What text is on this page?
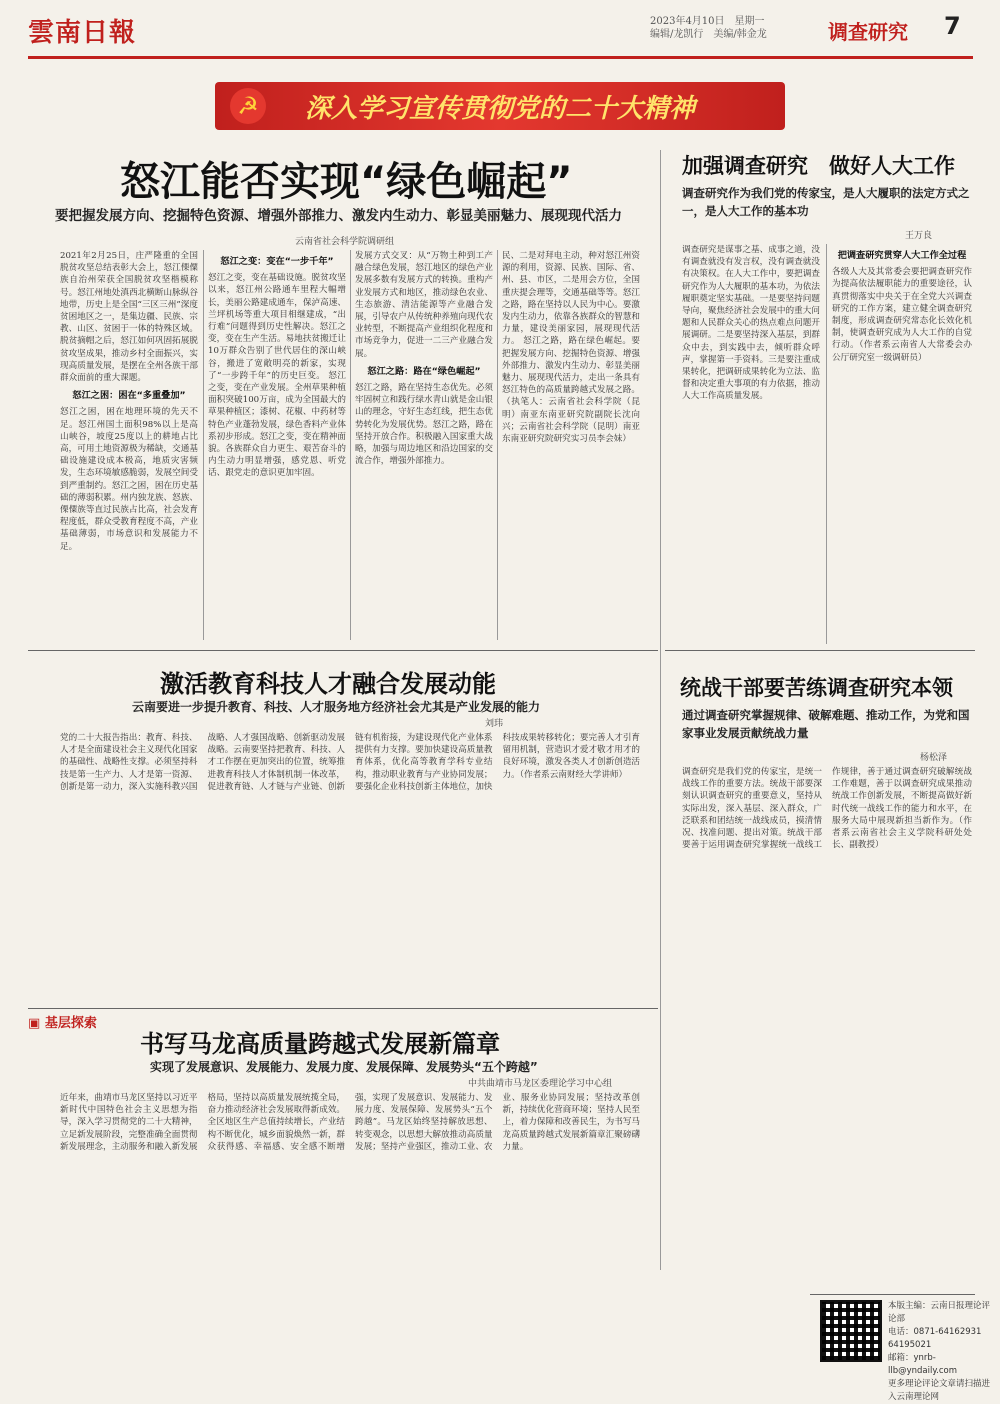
雲南日報	2023年4月10日　星期一
编辑/龙凯行　美编/韩金龙	调查研究 7
深入学习宣传贯彻党的二十大精神
☭
怒江能否实现“绿色崛起”
要把握发展方向、挖掘特色资源、增强外部推力、激发内生动力、彰显美丽魅力、展现现代活力
云南省社会科学院调研组
2021年2月25日，庄严隆重的全国脱贫攻坚总结表彰大会上，怒江傈僳族自治州荣获全国脱贫攻坚楷模称号。怒江州地处滇西北横断山脉纵谷地带，历史上是全国“三区三州”深度贫困地区之一，是集边疆、民族、宗教、山区、贫困于一体的特殊区域。脱贫摘帽之后，怒江如何巩固拓展脱贫攻坚成果，推动乡村全面振兴，实现高质量发展，是摆在全州各族干部群众面前的重大课题。
怒江之困：困在“多重叠加”
怒江之困，困在地理环境的先天不足。怒江州国土面积98%以上是高山峡谷，坡度25度以上的耕地占比高，可用土地资源极为稀缺，交通基础设施建设成本极高，地质灾害频发，生态环境敏感脆弱，发展空间受到严重制约。怒江之困，困在历史基础的薄弱积累。州内独龙族、怒族、傈僳族等直过民族占比高，社会发育程度低，群众受教育程度不高，产业基础薄弱，市场意识和发展能力不足。
怒江之变：变在“一步千年”
怒江之变，变在基础设施。脱贫攻坚以来，怒江州公路通车里程大幅增长，美丽公路建成通车，保泸高速、兰坪机场等重大项目相继建成，“出行难”问题得到历史性解决。怒江之变，变在生产生活。易地扶贫搬迁让10万群众告别了世代居住的深山峡谷，搬进了宽敞明亮的新家，实现了“一步跨千年”的历史巨变。 怒江之变，变在产业发展。全州草果种植面积突破100万亩，成为全国最大的草果种植区；漆树、花椒、中药材等特色产业蓬勃发展，绿色香料产业体系初步形成。怒江之变，变在精神面貌。各族群众自力更生、艰苦奋斗的内生动力明显增强，感党恩、听党话、跟党走的意识更加牢固。
发展方式交叉：从“万物土种到工产融合绿色发展，怒江地区的绿色产业发展多数有发展方式的转换。重构产业发展方式和地区，推动绿色农业、生态旅游、清洁能源等产业融合发展，引导农户从传统种养殖向现代农业转型，不断提高产业组织化程度和市场竞争力，促进一二三产业融合发展。
怒江之路：路在“绿色崛起”
怒江之路，路在坚持生态优先。必须牢固树立和践行绿水青山就是金山银山的理念，守好生态红线，把生态优势转化为发展优势。怒江之路，路在坚持开放合作。积极融入国家重大战略，加强与周边地区和沿边国家的交流合作，增强外部推力。
民、二是对拜电主动，种对怒江州资源的利用，资源、民族、国际、省、州、县、市区，二是用会方位，全国重庆提会理等，交通基础等等。怒江之路，路在坚持以人民为中心。要激发内生动力，依靠各族群众的智慧和力量，建设美丽家园，展现现代活力。 怒江之路，路在绿色崛起。要把握发展方向、挖掘特色资源、增强外部推力、激发内生动力、彰显美丽魅力、展现现代活力，走出一条具有怒江特色的高质量跨越式发展之路。（执笔人：云南省社会科学院（昆明）南亚东南亚研究院副院长沈向兴；云南省社会科学院（昆明）南亚东南亚研究院研究实习员李会妹）
加强调查研究　做好人大工作
调查研究作为我们党的传家宝，是人大履职的法定方式之一，是人大工作的基本功
王万良
调查研究是谋事之基、成事之道，没有调查就没有发言权，没有调查就没有决策权。在人大工作中，要把调查研究作为人大履职的基本功，为依法履职奠定坚实基础。一是要坚持问题导向，聚焦经济社会发展中的重大问题和人民群众关心的热点难点问题开展调研。二是要坚持深入基层，到群众中去，到实践中去，倾听群众呼声，掌握第一手资料。三是要注重成果转化，把调研成果转化为立法、监督和决定重大事项的有力依据，推动人大工作高质量发展。
把调查研究贯穿人大工作全过程
各级人大及其常委会要把调查研究作为提高依法履职能力的重要途径，认真贯彻落实中央关于在全党大兴调查研究的工作方案，建立健全调查研究制度，形成调查研究常态化长效化机制，使调查研究成为人大工作的自觉行动。（作者系云南省人大常委会办公厅研究室一级调研员）
激活教育科技人才融合发展动能
云南要进一步提升教育、科技、人才服务地方经济社会尤其是产业发展的能力
刘玮
党的二十大报告指出：教育、科技、人才是全面建设社会主义现代化国家的基础性、战略性支撑。必须坚持科技是第一生产力、人才是第一资源、创新是第一动力，深入实施科教兴国战略、人才强国战略、创新驱动发展战略。云南要坚持把教育、科技、人才工作摆在更加突出的位置，统筹推进教育科技人才体制机制一体改革，促进教育链、人才链与产业链、创新链有机衔接，为建设现代化产业体系提供有力支撑。要加快建设高质量教育体系，优化高等教育学科专业结构，推动职业教育与产业协同发展；要强化企业科技创新主体地位，加快科技成果转移转化；要完善人才引育留用机制，营造识才爱才敬才用才的良好环境，激发各类人才创新创造活力。（作者系云南财经大学讲师）
统战干部要苦练调查研究本领
通过调查研究掌握规律、破解难题、推动工作，为党和国家事业发展贡献统战力量
杨松泽
调查研究是我们党的传家宝，是统一战线工作的重要方法。统战干部要深刻认识调查研究的重要意义，坚持从实际出发，深入基层、深入群众，广泛联系和团结统一战线成员，摸清情况、找准问题、提出对策。统战干部要善于运用调查研究掌握统一战线工作规律，善于通过调查研究破解统战工作难题，善于以调查研究成果推动统战工作创新发展，不断提高做好新时代统一战线工作的能力和水平，在服务大局中展现新担当新作为。（作者系云南省社会主义学院科研处处长、副教授）
▣ 基层探索
书写马龙高质量跨越式发展新篇章
实现了发展意识、发展能力、发展力度、发展保障、发展势头“五个跨越”
中共曲靖市马龙区委理论学习中心组
近年来，曲靖市马龙区坚持以习近平新时代中国特色社会主义思想为指导，深入学习贯彻党的二十大精神，立足新发展阶段，完整准确全面贯彻新发展理念，主动服务和融入新发展格局，坚持以高质量发展统揽全局，奋力推动经济社会发展取得新成效。全区地区生产总值持续增长，产业结构不断优化，城乡面貌焕然一新，群众获得感、幸福感、安全感不断增强，实现了发展意识、发展能力、发展力度、发展保障、发展势头“五个跨越”。马龙区始终坚持解放思想、转变观念，以思想大解放推动高质量发展；坚持产业强区，推动工业、农业、服务业协同发展；坚持改革创新，持续优化营商环境；坚持人民至上，着力保障和改善民生，为书写马龙高质量跨越式发展新篇章汇聚磅礴力量。
本版主编：云南日报理论评论部
电话：0871-64162931 64195021
邮箱：ynrb-llb@yndaily.com
更多理论评论文章请扫描进入云南理论网
